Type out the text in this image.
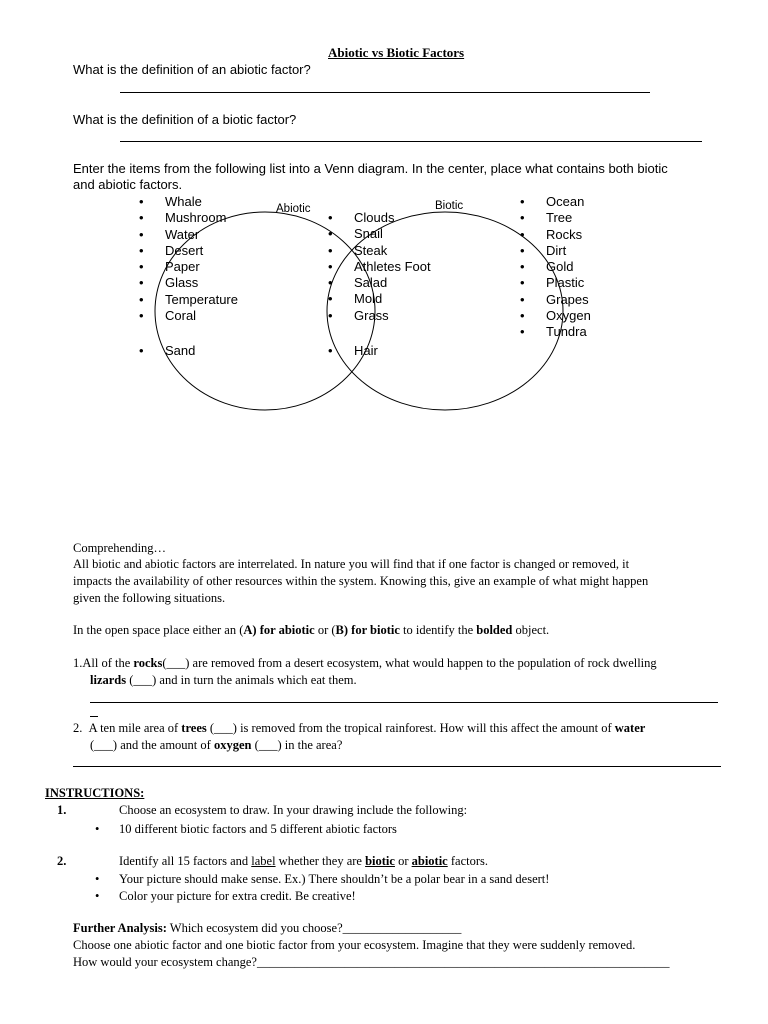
Abiotic vs Biotic Factors
What is the definition of an abiotic factor?
What is the definition of a biotic factor?
Enter the items from the following list into a Venn diagram. In the center, place what contains both biotic
and abiotic factors.
Abiotic	Biotic
• Whale
• Mushroom
• Water
• Desert
• Paper
• Glass
• Temperature
• Coral
• Sand
• Clouds
• Snail
• Steak
• Athletes Foot
• Salad
• Mold
• Grass
• Hair
• Ocean
• Tree
• Rocks
• Dirt
• Gold
• Plastic
• Grapes
• Oxygen
• Tundra
Comprehending…
All biotic and abiotic factors are interrelated. In nature you will find that if one factor is changed or removed, it
impacts the availability of other resources within the system. Knowing this, give an example of what might happen
given the following situations.
In the open space place either an (A) for abiotic or (B) for biotic to identify the bolded object.
1.All of the rocks(___) are removed from a desert ecosystem, what would happen to the population of rock dwelling
lizards (___) and in turn the animals which eat them.
2. A ten mile area of trees (___) is removed from the tropical rainforest. How will this affect the amount of water
(___) and the amount of oxygen (___) in the area?
INSTRUCTIONS:
1.	Choose an ecosystem to draw. In your drawing include the following:
• 10 different biotic factors and 5 different abiotic factors
2.	Identify all 15 factors and label whether they are biotic or abiotic factors.
• Your picture should make sense. Ex.) There shouldn’t be a polar bear in a sand desert!
• Color your picture for extra credit. Be creative!
Further Analysis: Which ecosystem did you choose?___________________
Choose one abiotic factor and one biotic factor from your ecosystem. Imagine that they were suddenly removed.
How would your ecosystem change?__________________________________________________________________
